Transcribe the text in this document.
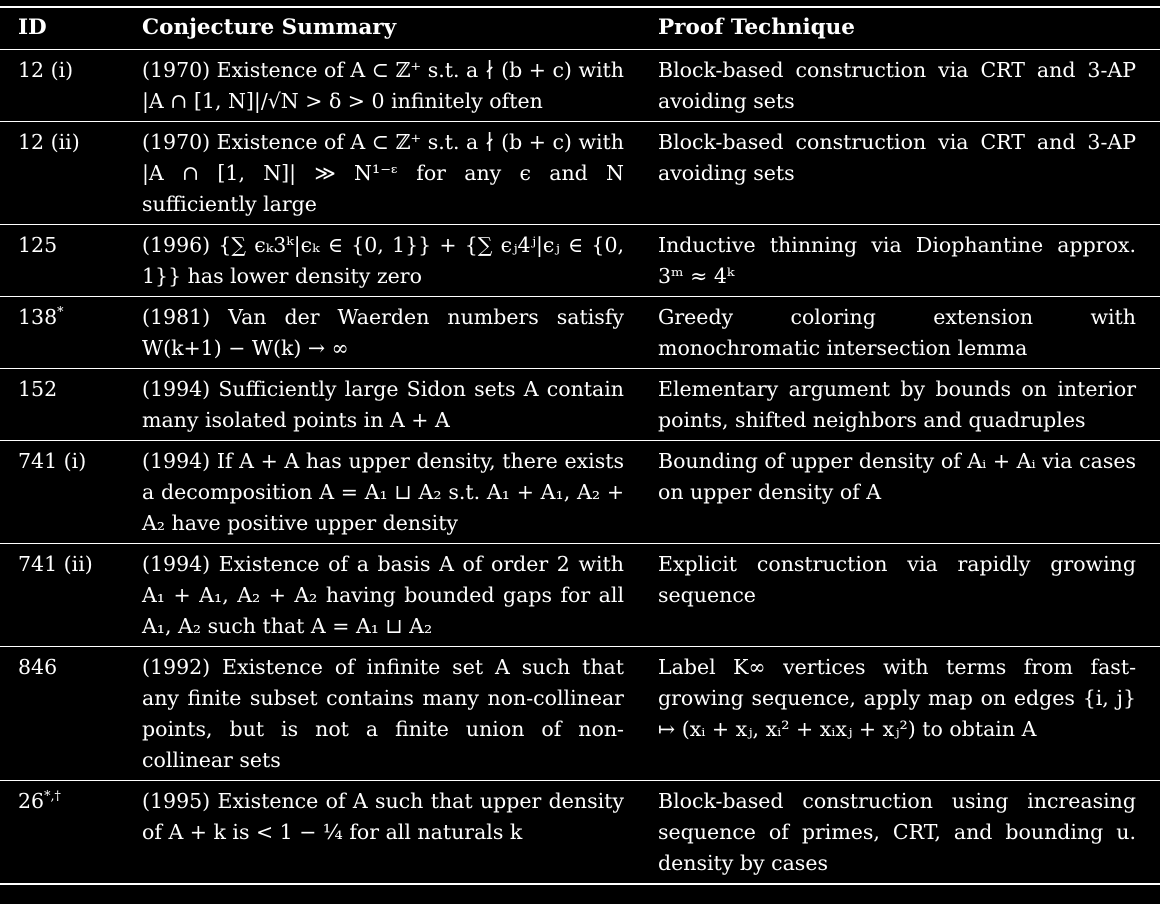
ID	Conjecture Summary	Proof Technique
12 (i)	(1970) Existence of A ⊂ ℤ⁺ s.t. a ∤ (b + c) with |A ∩ [1, N]|/√N > δ > 0 infinitely often	Block-based construction via CRT and 3-AP avoiding sets
12 (ii)	(1970) Existence of A ⊂ ℤ⁺ s.t. a ∤ (b + c) with |A ∩ [1, N]| ≫ N¹⁻ᵋ for any ϵ and N sufficiently large	Block-based construction via CRT and 3-AP avoiding sets
125	(1996) {∑ ϵₖ3ᵏ|ϵₖ ∈ {0, 1}} + {∑ ϵⱼ4ʲ|ϵⱼ ∈ {0, 1}} has lower density zero	Inductive thinning via Diophantine approx. 3ᵐ ≈ 4ᵏ
138*	(1981) Van der Waerden numbers satisfy W(k+1) − W(k) → ∞	Greedy coloring extension with monochromatic intersection lemma
152	(1994) Sufficiently large Sidon sets A contain many isolated points in A + A	Elementary argument by bounds on interior points, shifted neighbors and quadruples
741 (i)	(1994) If A + A has upper density, there exists a decomposition A = A₁ ⊔ A₂ s.t. A₁ + A₁, A₂ + A₂ have positive upper density	Bounding of upper density of Aᵢ + Aᵢ via cases on upper density of A
741 (ii)	(1994) Existence of a basis A of order 2 with A₁ + A₁, A₂ + A₂ having bounded gaps for all A₁, A₂ such that A = A₁ ⊔ A₂	Explicit construction via rapidly growing sequence
846	(1992) Existence of infinite set A such that any finite subset contains many non-collinear points, but is not a finite union of non-collinear sets	Label K∞ vertices with terms from fast-growing sequence, apply map on edges {i, j} ↦ (xᵢ + xⱼ, xᵢ² + xᵢxⱼ + xⱼ²) to obtain A
26*,†	(1995) Existence of A such that upper density of A + k is < 1 − ¼ for all naturals k	Block-based construction using increasing sequence of primes, CRT, and bounding u. density by cases
